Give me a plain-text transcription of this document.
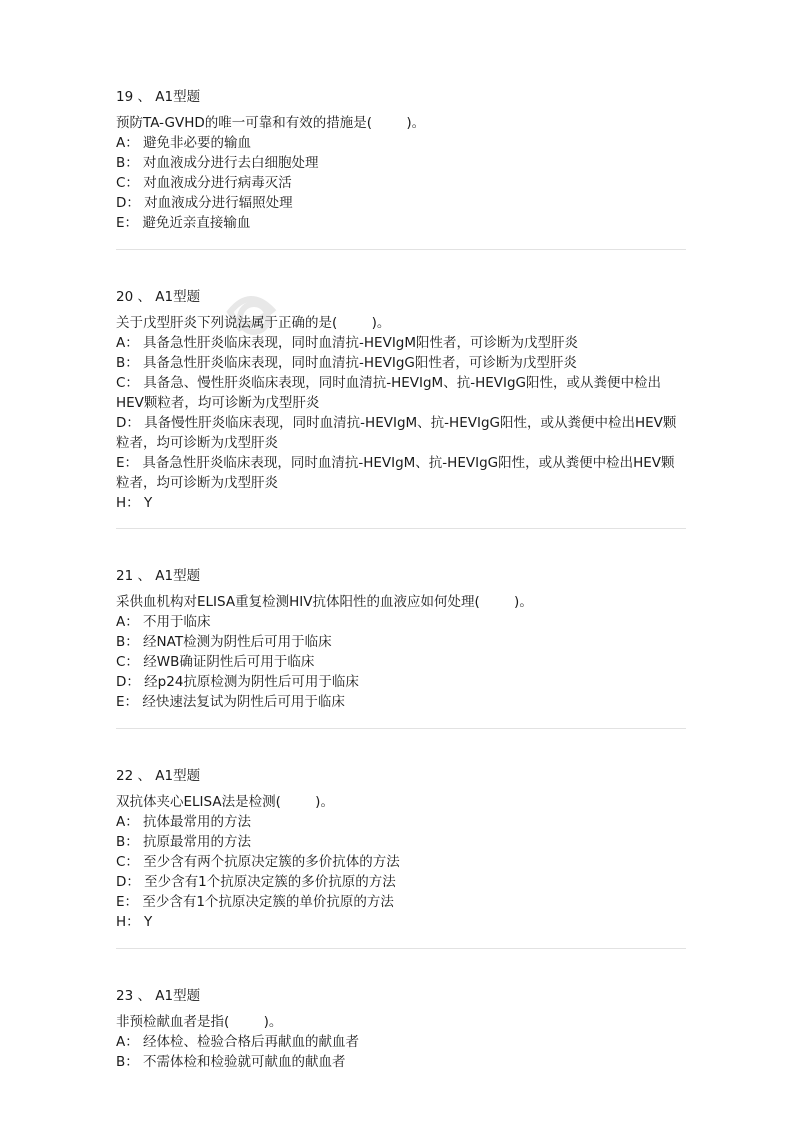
19 、 A1型题
预防TA-GVHD的唯一可靠和有效的措施是(        )。
A： 避免非必要的输血
B： 对血液成分进行去白细胞处理
C： 对血液成分进行病毒灭活
D： 对血液成分进行辐照处理
E： 避免近亲直接输血
20 、 A1型题
关于戊型肝炎下列说法属于正确的是(        )。
A： 具备急性肝炎临床表现，同时血清抗-HEVIgM阳性者，可诊断为戊型肝炎
B： 具备急性肝炎临床表现，同时血清抗-HEVIgG阳性者，可诊断为戊型肝炎
C： 具备急、慢性肝炎临床表现，同时血清抗-HEVIgM、抗-HEVIgG阳性，或从粪便中检出HEV颗粒者，均可诊断为戊型肝炎
D： 具备慢性肝炎临床表现，同时血清抗-HEVIgM、抗-HEVIgG阳性，或从粪便中检出HEV颗粒者，均可诊断为戊型肝炎
E： 具备急性肝炎临床表现，同时血清抗-HEVIgM、抗-HEVIgG阳性，或从粪便中检出HEV颗粒者，均可诊断为戊型肝炎
H： Y
21 、 A1型题
采供血机构对ELISA重复检测HIV抗体阳性的血液应如何处理(        )。
A： 不用于临床
B： 经NAT检测为阴性后可用于临床
C： 经WB确证阴性后可用于临床
D： 经p24抗原检测为阴性后可用于临床
E： 经快速法复试为阴性后可用于临床
22 、 A1型题
双抗体夹心ELISA法是检测(        )。
A： 抗体最常用的方法
B： 抗原最常用的方法
C： 至少含有两个抗原决定簇的多价抗体的方法
D： 至少含有1个抗原决定簇的多价抗原的方法
E： 至少含有1个抗原决定簇的单价抗原的方法
H： Y
23 、 A1型题
非预检献血者是指(        )。
A： 经体检、检验合格后再献血的献血者
B： 不需体检和检验就可献血的献血者
